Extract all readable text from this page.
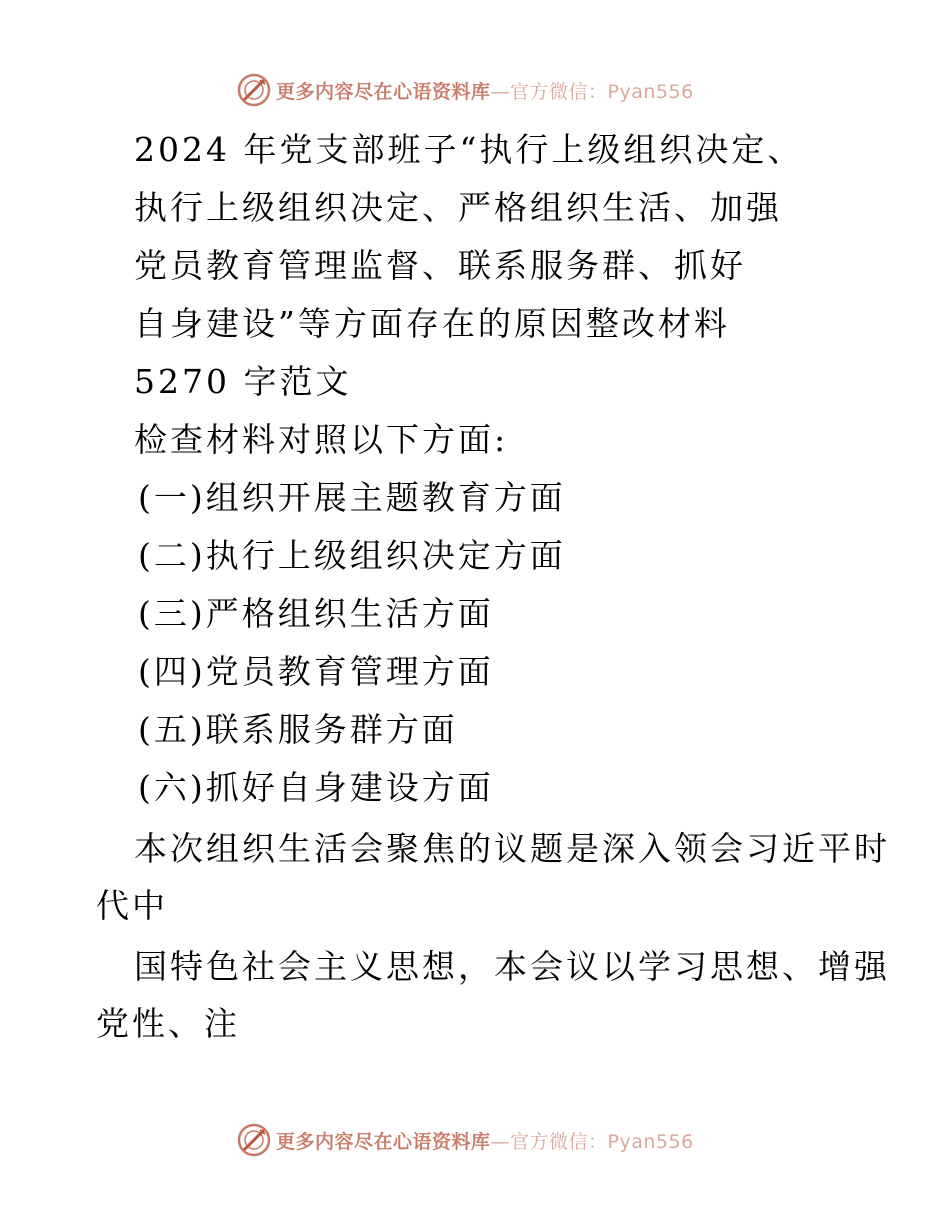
更多内容尽在心语资料库—官方微信：Pyan556
2024 年党支部班子“执行上级组织决定、
执行上级组织决定、严格组织生活、加强
党员教育管理监督、联系服务群、抓好
自身建设”等方面存在的原因整改材料
5270 字范文
检查材料对照以下方面:
(一)组织开展主题教育方面
(二)执行上级组织决定方面
(三)严格组织生活方面
(四)党员教育管理方面
(五)联系服务群方面
(六)抓好自身建设方面
本次组织生活会聚焦的议题是深入领会习近平时
代中
国特色社会主义思想，本会议以学习思想、增强
党性、注
更多内容尽在心语资料库—官方微信：Pyan556
